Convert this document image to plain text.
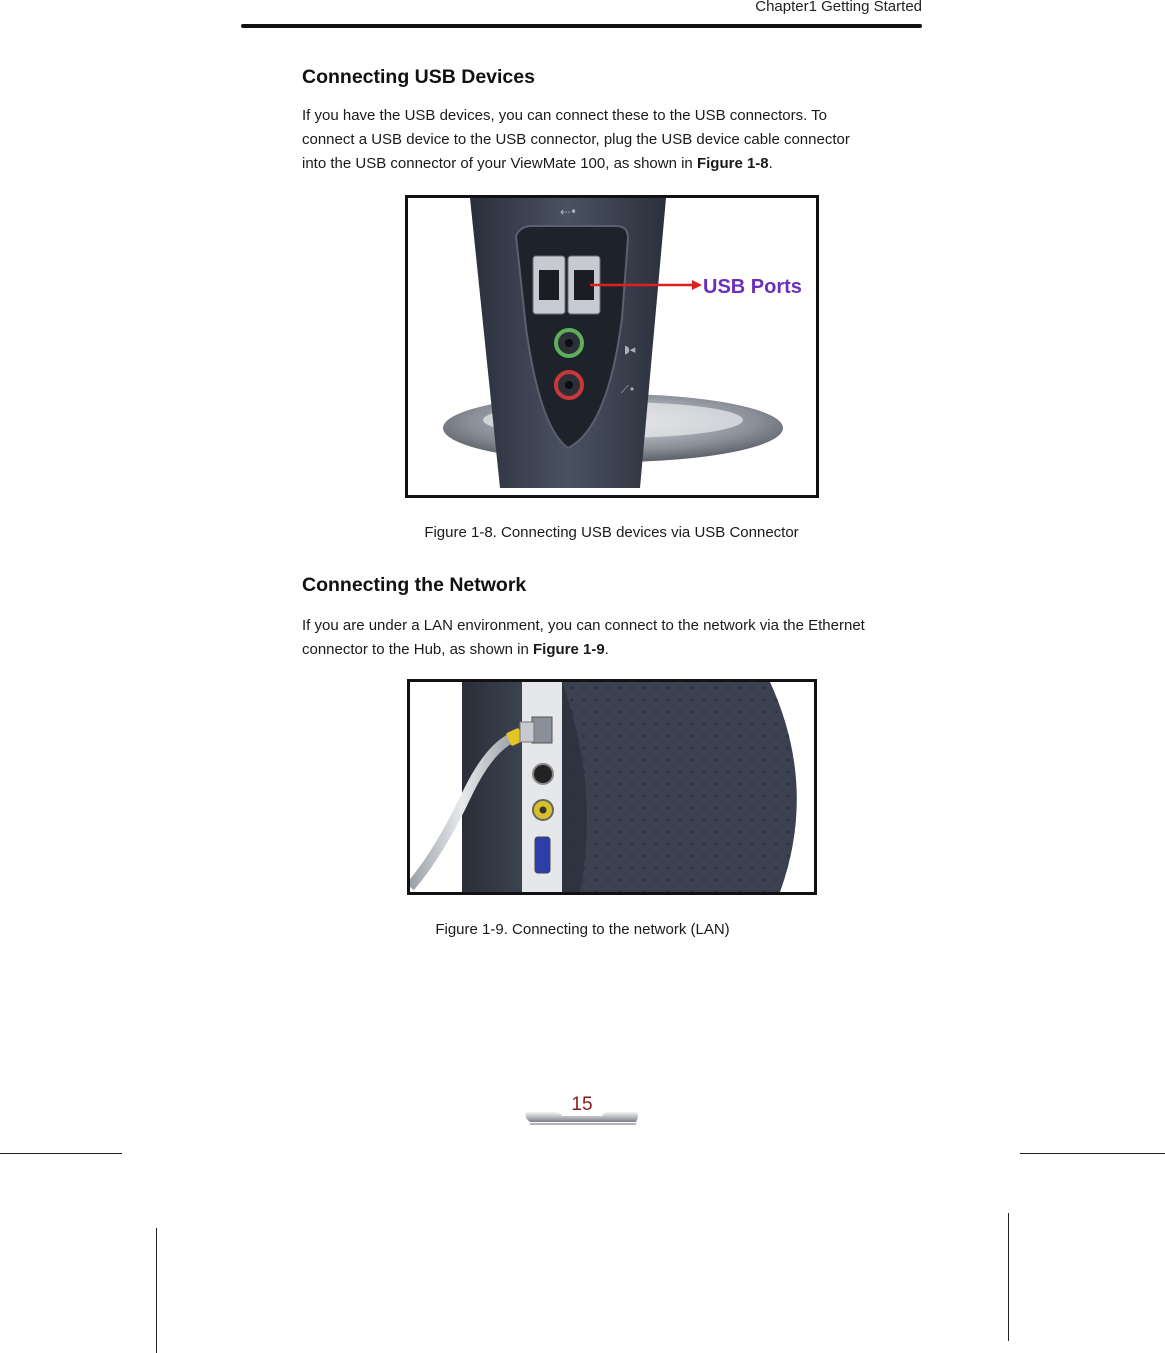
Chapter1 Getting Started
Connecting USB Devices
If you have the USB devices, you can connect these to the USB connectors. To
connect a USB device to the USB connector, plug the USB device cable connector
into the USB connector of your ViewMate 100, as shown in Figure 1-8.
⇠•
◗◂
⟋•
USB Ports
Figure 1-8. Connecting USB devices via USB Connector
Connecting the Network
If you are under a LAN environment, you can connect to the network via the Ethernet
connector to the Hub, as shown in Figure 1-9.
Figure 1-9. Connecting to the network (LAN)
15
